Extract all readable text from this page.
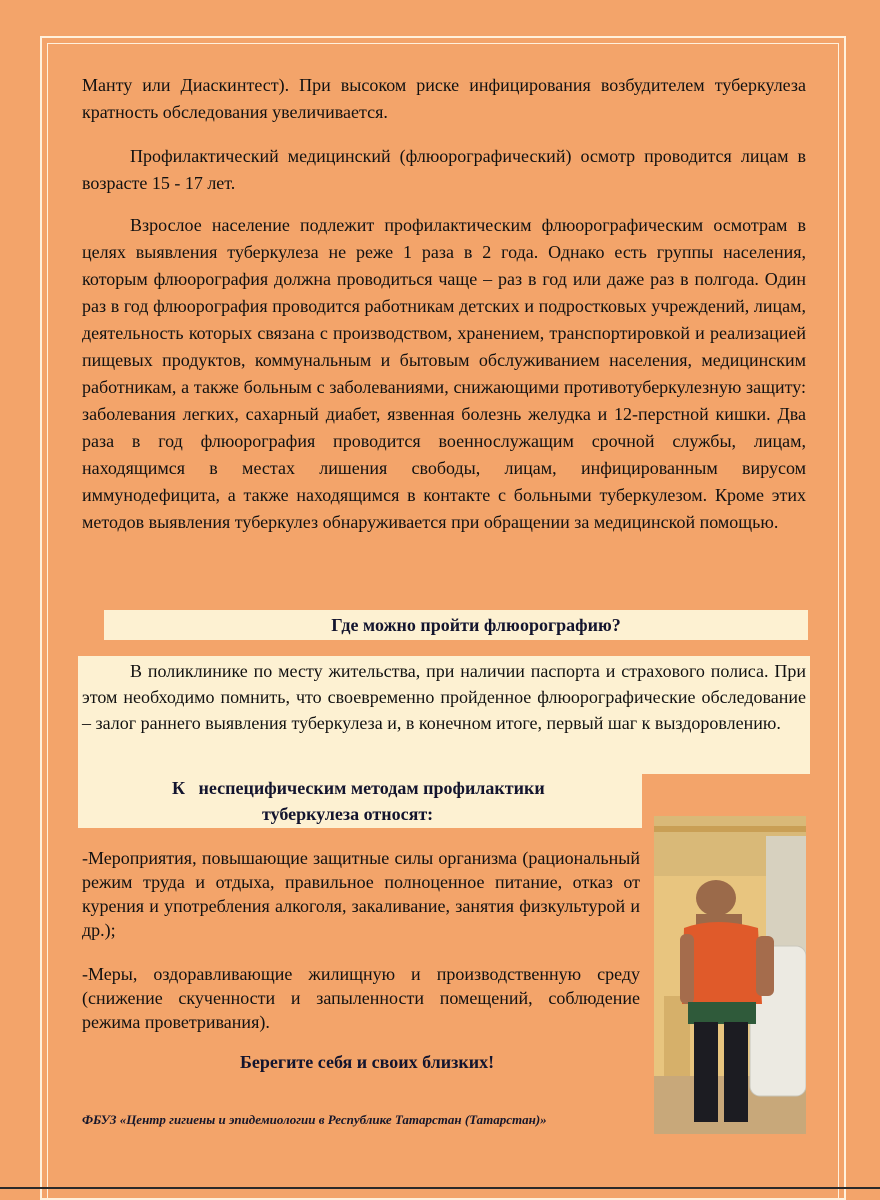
Манту или Диаскинтест). При высоком риске инфицирования возбудителем туберкулеза кратность обследования увеличивается.
Профилактический медицинский (флюорографический) осмотр проводится лицам в возрасте 15 - 17 лет.
Взрослое население подлежит профилактическим флюорографическим осмотрам в целях выявления туберкулеза не реже 1 раза в 2 года. Однако есть группы населения, которым флюорография должна проводиться чаще – раз в год или даже раз в полгода. Один раз в год флюорография проводится работникам детских и подростковых учреждений, лицам, деятельность которых связана с производством, хранением, транспортировкой и реализацией пищевых продуктов, коммунальным и бытовым обслуживанием населения, медицинским работникам, а также больным с заболеваниями, снижающими противотуберкулезную защиту: заболевания легких, сахарный диабет, язвенная болезнь желудка и 12-перстной кишки. Два раза в год флюорография проводится военнослужащим срочной службы, лицам, находящимся в местах лишения свободы, лицам, инфицированным вирусом иммунодефицита, а также находящимся в контакте с больными туберкулезом. Кроме этих методов выявления туберкулез обнаруживается при обращении за медицинской помощью.
Где можно пройти флюорографию?
В поликлинике по месту жительства, при наличии паспорта и страхового полиса. При этом необходимо помнить, что своевременно пройденное флюорографические обследование – залог раннего выявления туберкулеза и, в конечном итоге, первый шаг к выздоровлению.
К   неспецифическим методам профилактики
туберкулеза относят:
-Мероприятия, повышающие защитные силы организма (рациональный режим труда и отдыха, правильное полноценное питание, отказ от курения и употребления алкоголя, закаливание, занятия физкультурой и др.);
-Меры, оздоравливающие жилищную и производственную среду (снижение скученности и запыленности помещений, соблюдение режима проветривания).
Берегите себя и своих близких!
ФБУЗ «Центр гигиены и эпидемиологии в Республике Татарстан (Татарстан)»
